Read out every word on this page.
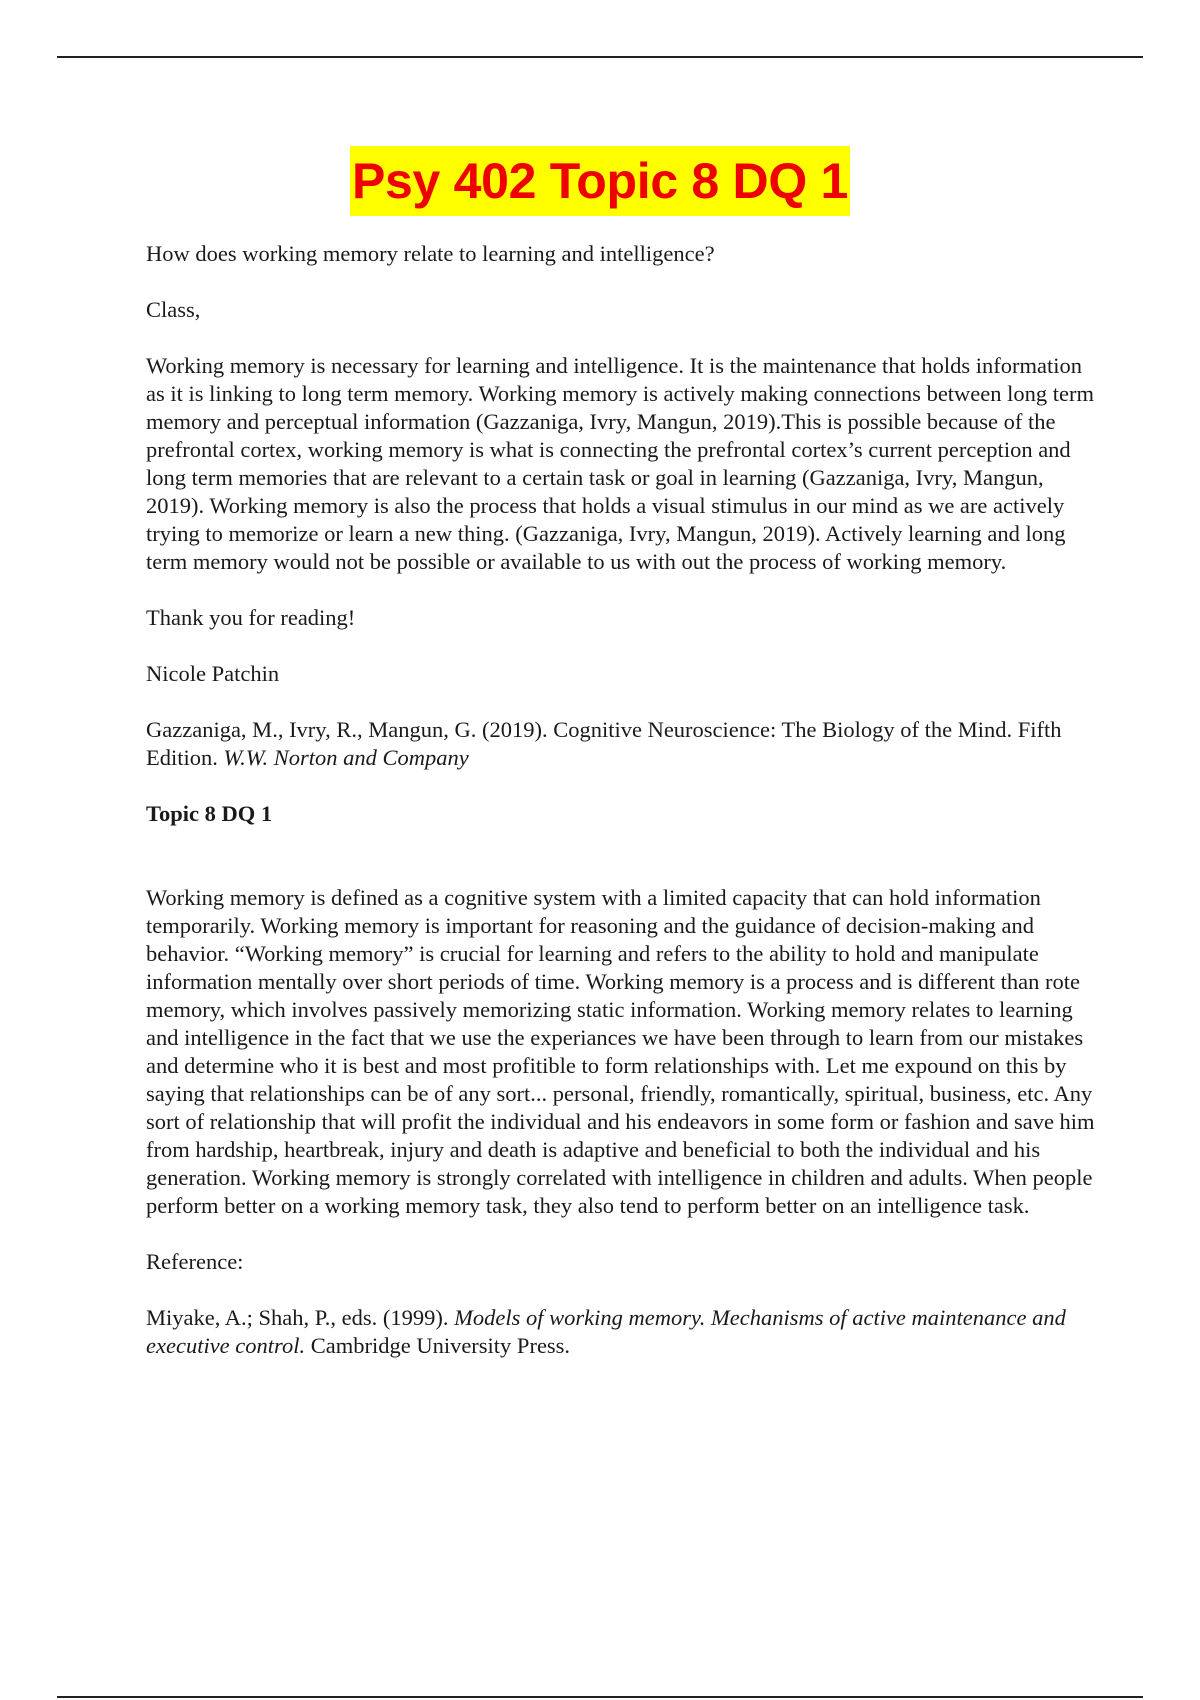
Psy 402 Topic 8 DQ 1

How does working memory relate to learning and intelligence?

Class,

Working memory is necessary for learning and intelligence. It is the maintenance that holds information as it is linking to long term memory. Working memory is actively making connections between long term memory and perceptual information (Gazzaniga, Ivry, Mangun, 2019).This is possible because of the prefrontal cortex, working memory is what is connecting the prefrontal cortex’s current perception and long term memories that are relevant to a certain task or goal in learning (Gazzaniga, Ivry, Mangun, 2019). Working memory is also the process that holds a visual stimulus in our mind as we are actively trying to memorize or learn a new thing. (Gazzaniga, Ivry, Mangun, 2019). Actively learning and long term memory would not be possible or available to us with out the process of working memory.

Thank you for reading!

Nicole Patchin

Gazzaniga, M., Ivry, R., Mangun, G. (2019). Cognitive Neuroscience: The Biology of the Mind. Fifth Edition. W.W. Norton and Company

Topic 8 DQ 1

Working memory is defined as a cognitive system with a limited capacity that can hold information temporarily. Working memory is important for reasoning and the guidance of decision-making and behavior. “Working memory” is crucial for learning and refers to the ability to hold and manipulate information mentally over short periods of time. Working memory is a process and is different than rote memory, which involves passively memorizing static information. Working memory relates to learning and intelligence in the fact that we use the experiances we have been through to learn from our mistakes and determine who it is best and most profitible to form relationships with. Let me expound on this by saying that relationships can be of any sort... personal, friendly, romantically, spiritual, business, etc. Any sort of relationship that will profit the individual and his endeavors in some form or fashion and save him from hardship, heartbreak, injury and death is adaptive and beneficial to both the individual and his generation. Working memory is strongly correlated with intelligence in children and adults. When people perform better on a working memory task, they also tend to perform better on an intelligence task.

Reference:

Miyake, A.; Shah, P., eds. (1999). Models of working memory. Mechanisms of active maintenance and executive control. Cambridge University Press.
